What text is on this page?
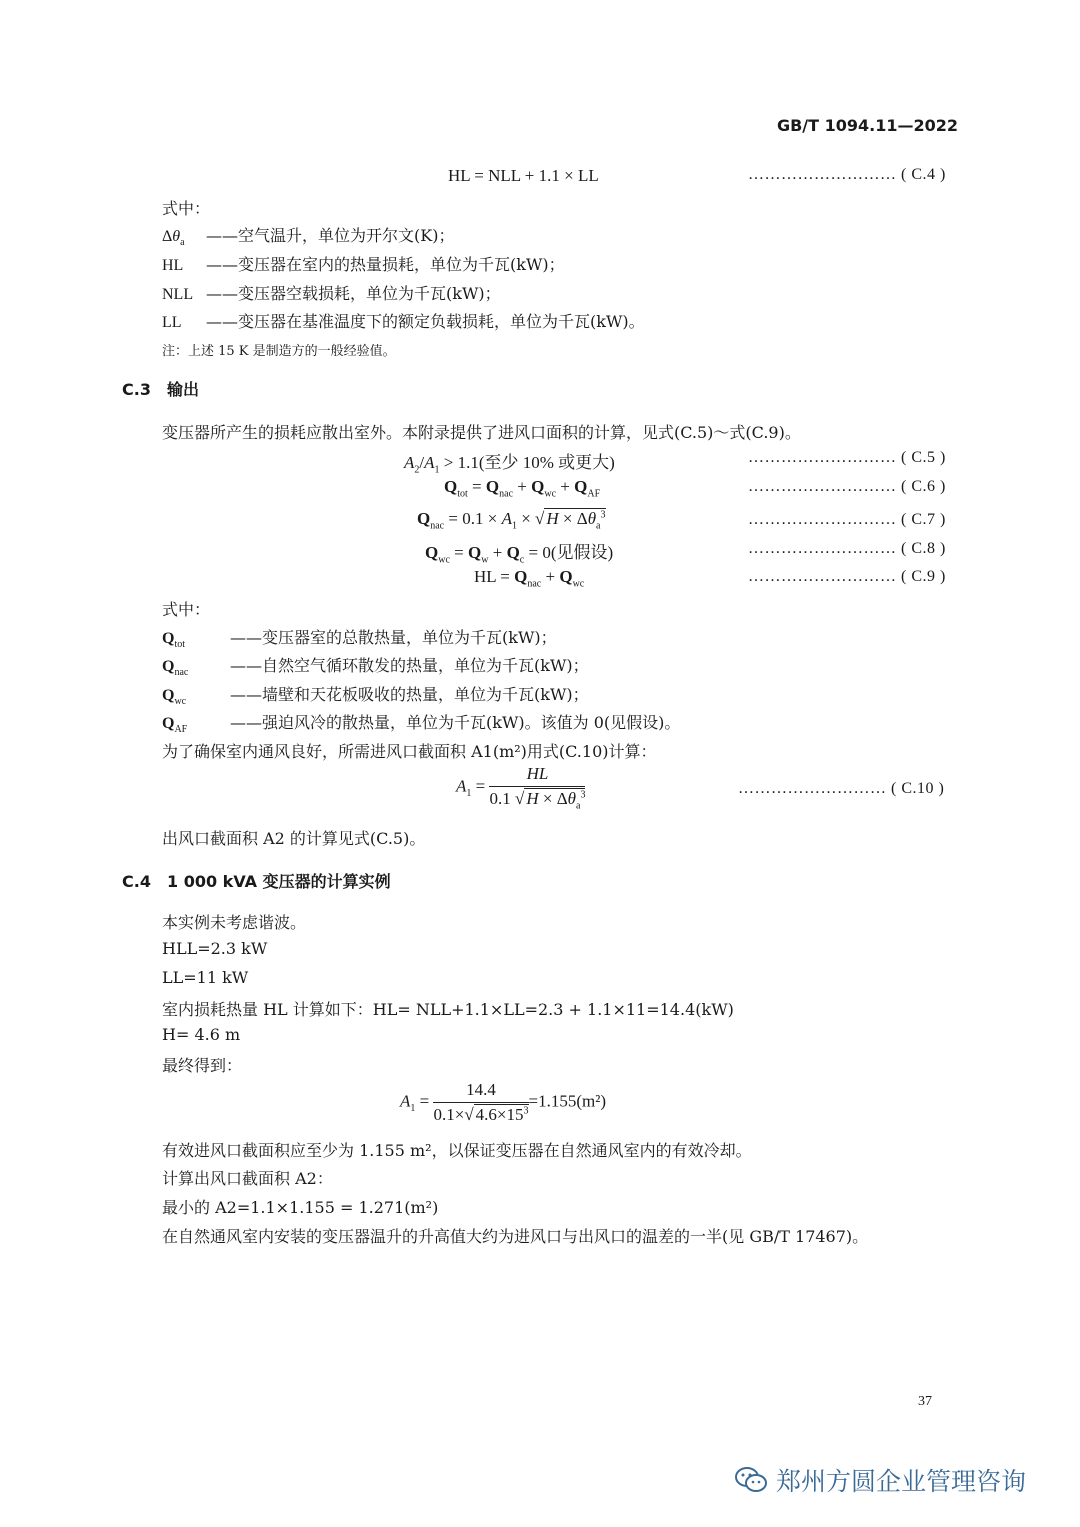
GB/T 1094.11—2022
HL = NLL + 1.1 × LL	……………………… ( C.4 )
式中：
$\Delta\theta_a$ ——空气温升，单位为开尔文(K)；
HL ——变压器在室内的热量损耗，单位为千瓦(kW)；
NLL ——变压器空载损耗，单位为千瓦(kW)；
LL ——变压器在基准温度下的额定负载损耗，单位为千瓦(kW)。
注：上述 15 K 是制造方的一般经验值。
C.3 输出
变压器所产生的损耗应散出室外。本附录提供了进风口面积的计算，见式(C.5)～式(C.9)。
$A_2/A_1 > 1.1$(至少 10% 或更大)	……………………… ( C.5 )
$Q_{tot} = Q_{nac} + Q_{wc} + Q_{AF}$	……………………… ( C.6 )
$Q_{nac} = 0.1 \times A_1$ × √ $H \times \Delta\theta_a^3$	……………………… ( C.7 )
$Q_{wc} = Q_w + Q_c = 0$(见假设)	……………………… ( C.8 )
HL = $Q_{nac} + Q_{wc}$	……………………… ( C.9 )
式中：
$Q_{tot}$	——变压器室的总散热量，单位为千瓦(kW)；
$Q_{nac}$	——自然空气循环散发的热量，单位为千瓦(kW)；
$Q_{wc}$	——墙壁和天花板吸收的热量，单位为千瓦(kW)；
$Q_{AF}$	——强迫风冷的散热量，单位为千瓦(kW)。该值为 0(见假设)。
为了确保室内通风良好，所需进风口截面积 A1(m²)用式(C.10)计算：
$A_1 = \frac{HL}{0.1 √ H \times \Delta\theta_a^3}$	……………………… ( C.10 )
出风口截面积 A2 的计算见式(C.5)。
C.4 1 000 kVA 变压器的计算实例
本实例未考虑谐波。
HLL=2.3 kW
LL=11 kW
室内损耗热量 HL 计算如下：HL= NLL+1.1×LL=2.3 + 1.1×11=14.4(kW)
H= 4.6 m
最终得到：
$A_1 = \frac{14.4}{0.1\times√ 4.6\times 15^3} =1.155(m^2)$
有效进风口截面积应至少为 1.155 m²，以保证变压器在自然通风室内的有效冷却。
计算出风口截面积 A2：
最小的 A2=1.1×1.155 = 1.271(m²)
在自然通风室内安装的变压器温升的升高值大约为进风口与出风口的温差的一半(见 GB/T 17467)。
37
郑州方圆企业管理咨询
